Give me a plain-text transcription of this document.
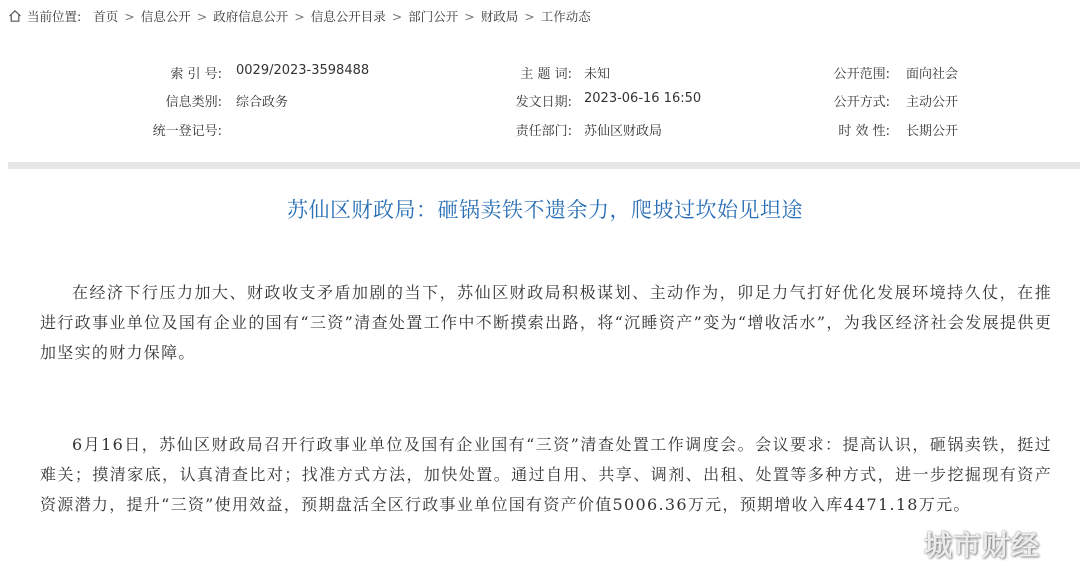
当前位置: 首页 > 信息公开 > 政府信息公开 > 信息公开目录 > 部门公开 > 财政局 > 工作动态
索 引 号: 0029/2023-3598488	主 题 词: 未知	公开范围: 面向社会
信息类别: 综合政务	发文日期: 2023-06-16 16:50	公开方式: 主动公开
统一登记号:	责任部门: 苏仙区财政局	时 效 性: 长期公开
苏仙区财政局：砸锅卖铁不遗余力，爬坡过坎始见坦途

在经济下行压力加大、财政收支矛盾加剧的当下，苏仙区财政局积极谋划、主动作为，卯足力气打好优化发展环境持久仗，在推进行政事业单位及国有企业的国有“三资”清查处置工作中不断摸索出路，将“沉睡资产”变为“增收活水”，为我区经济社会发展提供更加坚实的财力保障。

6月16日，苏仙区财政局召开行政事业单位及国有企业国有“三资”清查处置工作调度会。会议要求：提高认识，砸锅卖铁，挺过难关；摸清家底，认真清查比对；找准方式方法，加快处置。通过自用、共享、调剂、出租、处置等多种方式，进一步挖掘现有资产资源潜力，提升“三资”使用效益，预期盘活全区行政事业单位国有资产价值5006.36万元，预期增收入库4471.18万元。

城市财经
